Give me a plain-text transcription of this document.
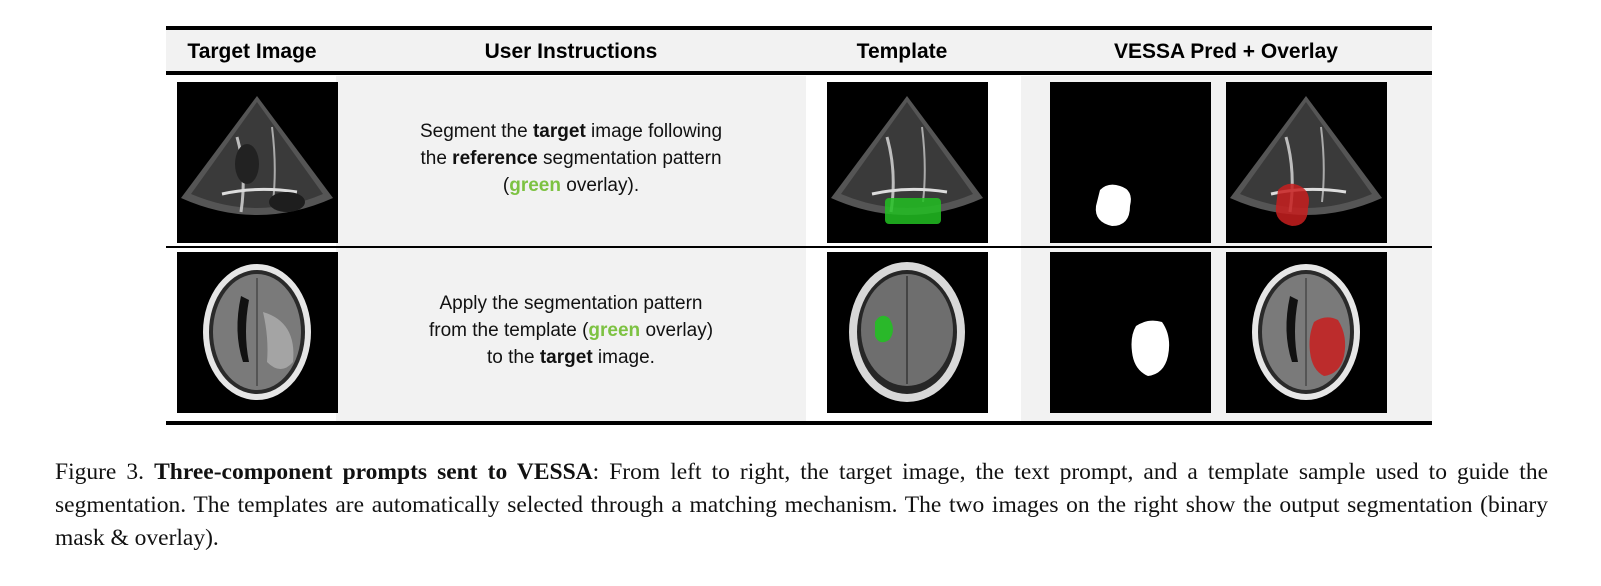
Target Image	User Instructions	Template	VESSA Pred + Overlay
Segment the target image following
the reference segmentation pattern
(green overlay).
Apply the segmentation pattern
from the template (green overlay)
to the target image.
Figure 3. Three-component prompts sent to VESSA: From left to right, the target image, the text prompt, and a template sample used to guide the segmentation. The templates are automatically selected through a matching mechanism. The two images on the right show the output segmentation (binary mask & overlay).
